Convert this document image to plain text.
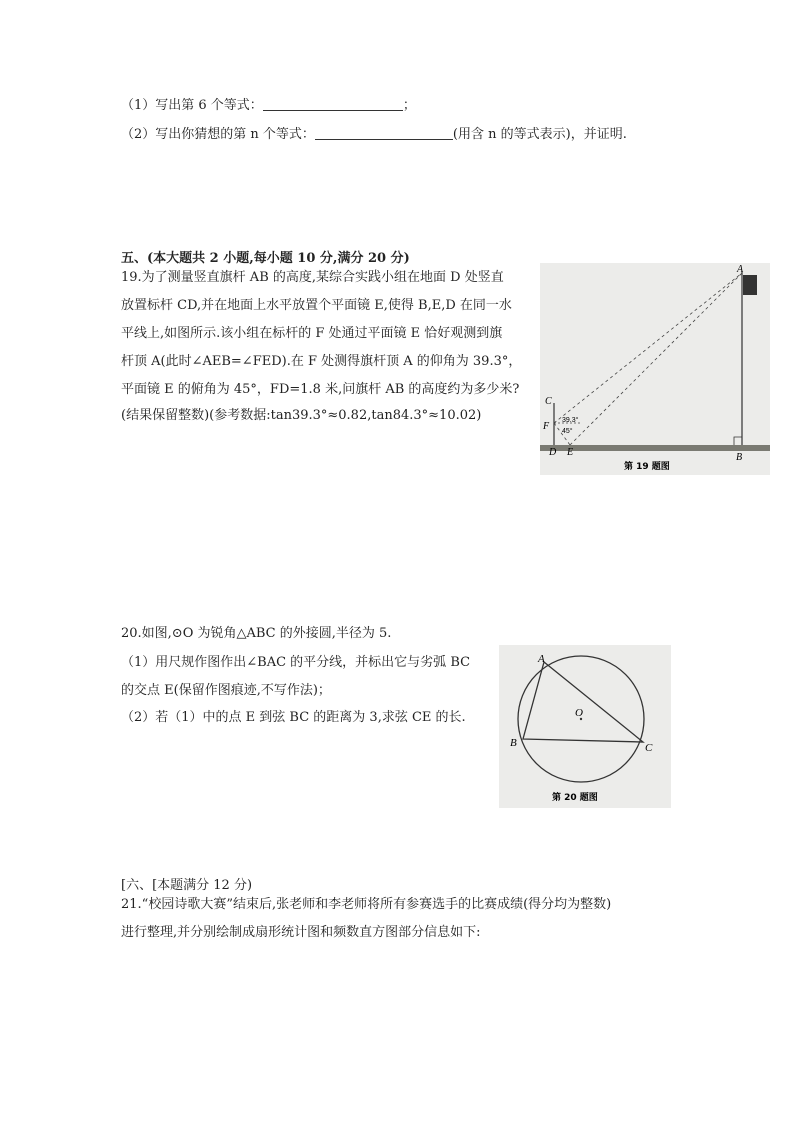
（1）写出第 6 个等式：	；
（2）写出你猜想的第 n 个等式：	(用含 n 的等式表示)，并证明.
五、(本大题共 2 小题,每小题 10 分,满分 20 分)
19.为了测量竖直旗杆 AB 的高度,某综合实践小组在地面 D 处竖直
放置标杆 CD,并在地面上水平放置个平面镜 E,使得 B,E,D 在同一水
平线上,如图所示.该小组在标杆的 F 处通过平面镜 E 恰好观测到旗
杆顶 A(此时∠AEB=∠FED).在 F 处测得旗杆顶 A 的仰角为 39.3°，
平面镜 E 的俯角为 45°，FD=1.8 米,问旗杆 AB 的高度约为多少米?
(结果保留整数)(参考数据:tan39.3°≈0.82,tan84.3°≈10.02)
C
F
39.3°
45°
D E	B
A
第 19 题图
20.如图,⊙O 为锐角△ABC 的外接圆,半径为 5.
（1）用尺规作图作出∠BAC 的平分线，并标出它与劣弧 BC
的交点 E(保留作图痕迹,不写作法)；
（2）若（1）中的点 E 到弦 BC 的距离为 3,求弦 CE 的长.
A
B	C
O
第 20 题图
[六、[本题满分 12 分)
21.“校园诗歌大赛”结束后,张老师和李老师将所有参赛选手的比赛成绩(得分均为整数)
进行整理,并分别绘制成扇形统计图和频数直方图部分信息如下:
